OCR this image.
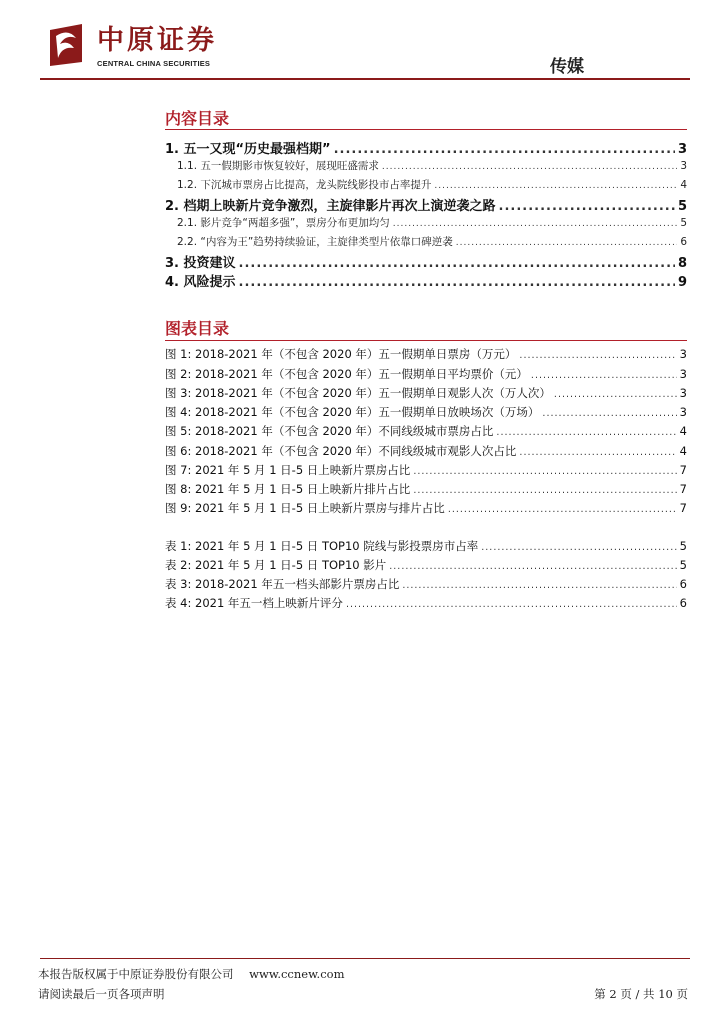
中原证券
CENTRAL CHINA SECURITIES	传媒
内容目录
1. 五一又现“历史最强档期” .....	3
1.1. 五一假期影市恢复较好，展现旺盛需求 .....	3
1.2. 下沉城市票房占比提高，龙头院线影投市占率提升 .....	4
2. 档期上映新片竞争激烈，主旋律影片再次上演逆袭之路 .....	5
2.1. 影片竞争“两超多强”，票房分布更加均匀 .....	5
2.2. “内容为王”趋势持续验证，主旋律类型片依靠口碑逆袭 .....	6
3. 投资建议 .....	8
4. 风险提示 .....	9
图表目录
图 1: 2018-2021 年（不包含 2020 年）五一假期单日票房（万元） .....	3
图 2: 2018-2021 年（不包含 2020 年）五一假期单日平均票价（元） .....	3
图 3: 2018-2021 年（不包含 2020 年）五一假期单日观影人次（万人次） .....	3
图 4: 2018-2021 年（不包含 2020 年）五一假期单日放映场次（万场） .....	3
图 5: 2018-2021 年（不包含 2020 年）不同线级城市票房占比 .....	4
图 6: 2018-2021 年（不包含 2020 年）不同线级城市观影人次占比 .....	4
图 7: 2021 年 5 月 1 日-5 日上映新片票房占比 .....	7
图 8: 2021 年 5 月 1 日-5 日上映新片排片占比 .....	7
图 9: 2021 年 5 月 1 日-5 日上映新片票房与排片占比 .....	7
表 1: 2021 年 5 月 1 日-5 日 TOP10 院线与影投票房市占率 .....	5
表 2: 2021 年 5 月 1 日-5 日 TOP10 影片 .....	5
表 3: 2018-2021 年五一档头部影片票房占比 .....	6
表 4: 2021 年五一档上映新片评分 .....	6
本报告版权属于中原证券股份有限公司 www.ccnew.com
请阅读最后一页各项声明	第 2 页 / 共 10 页
